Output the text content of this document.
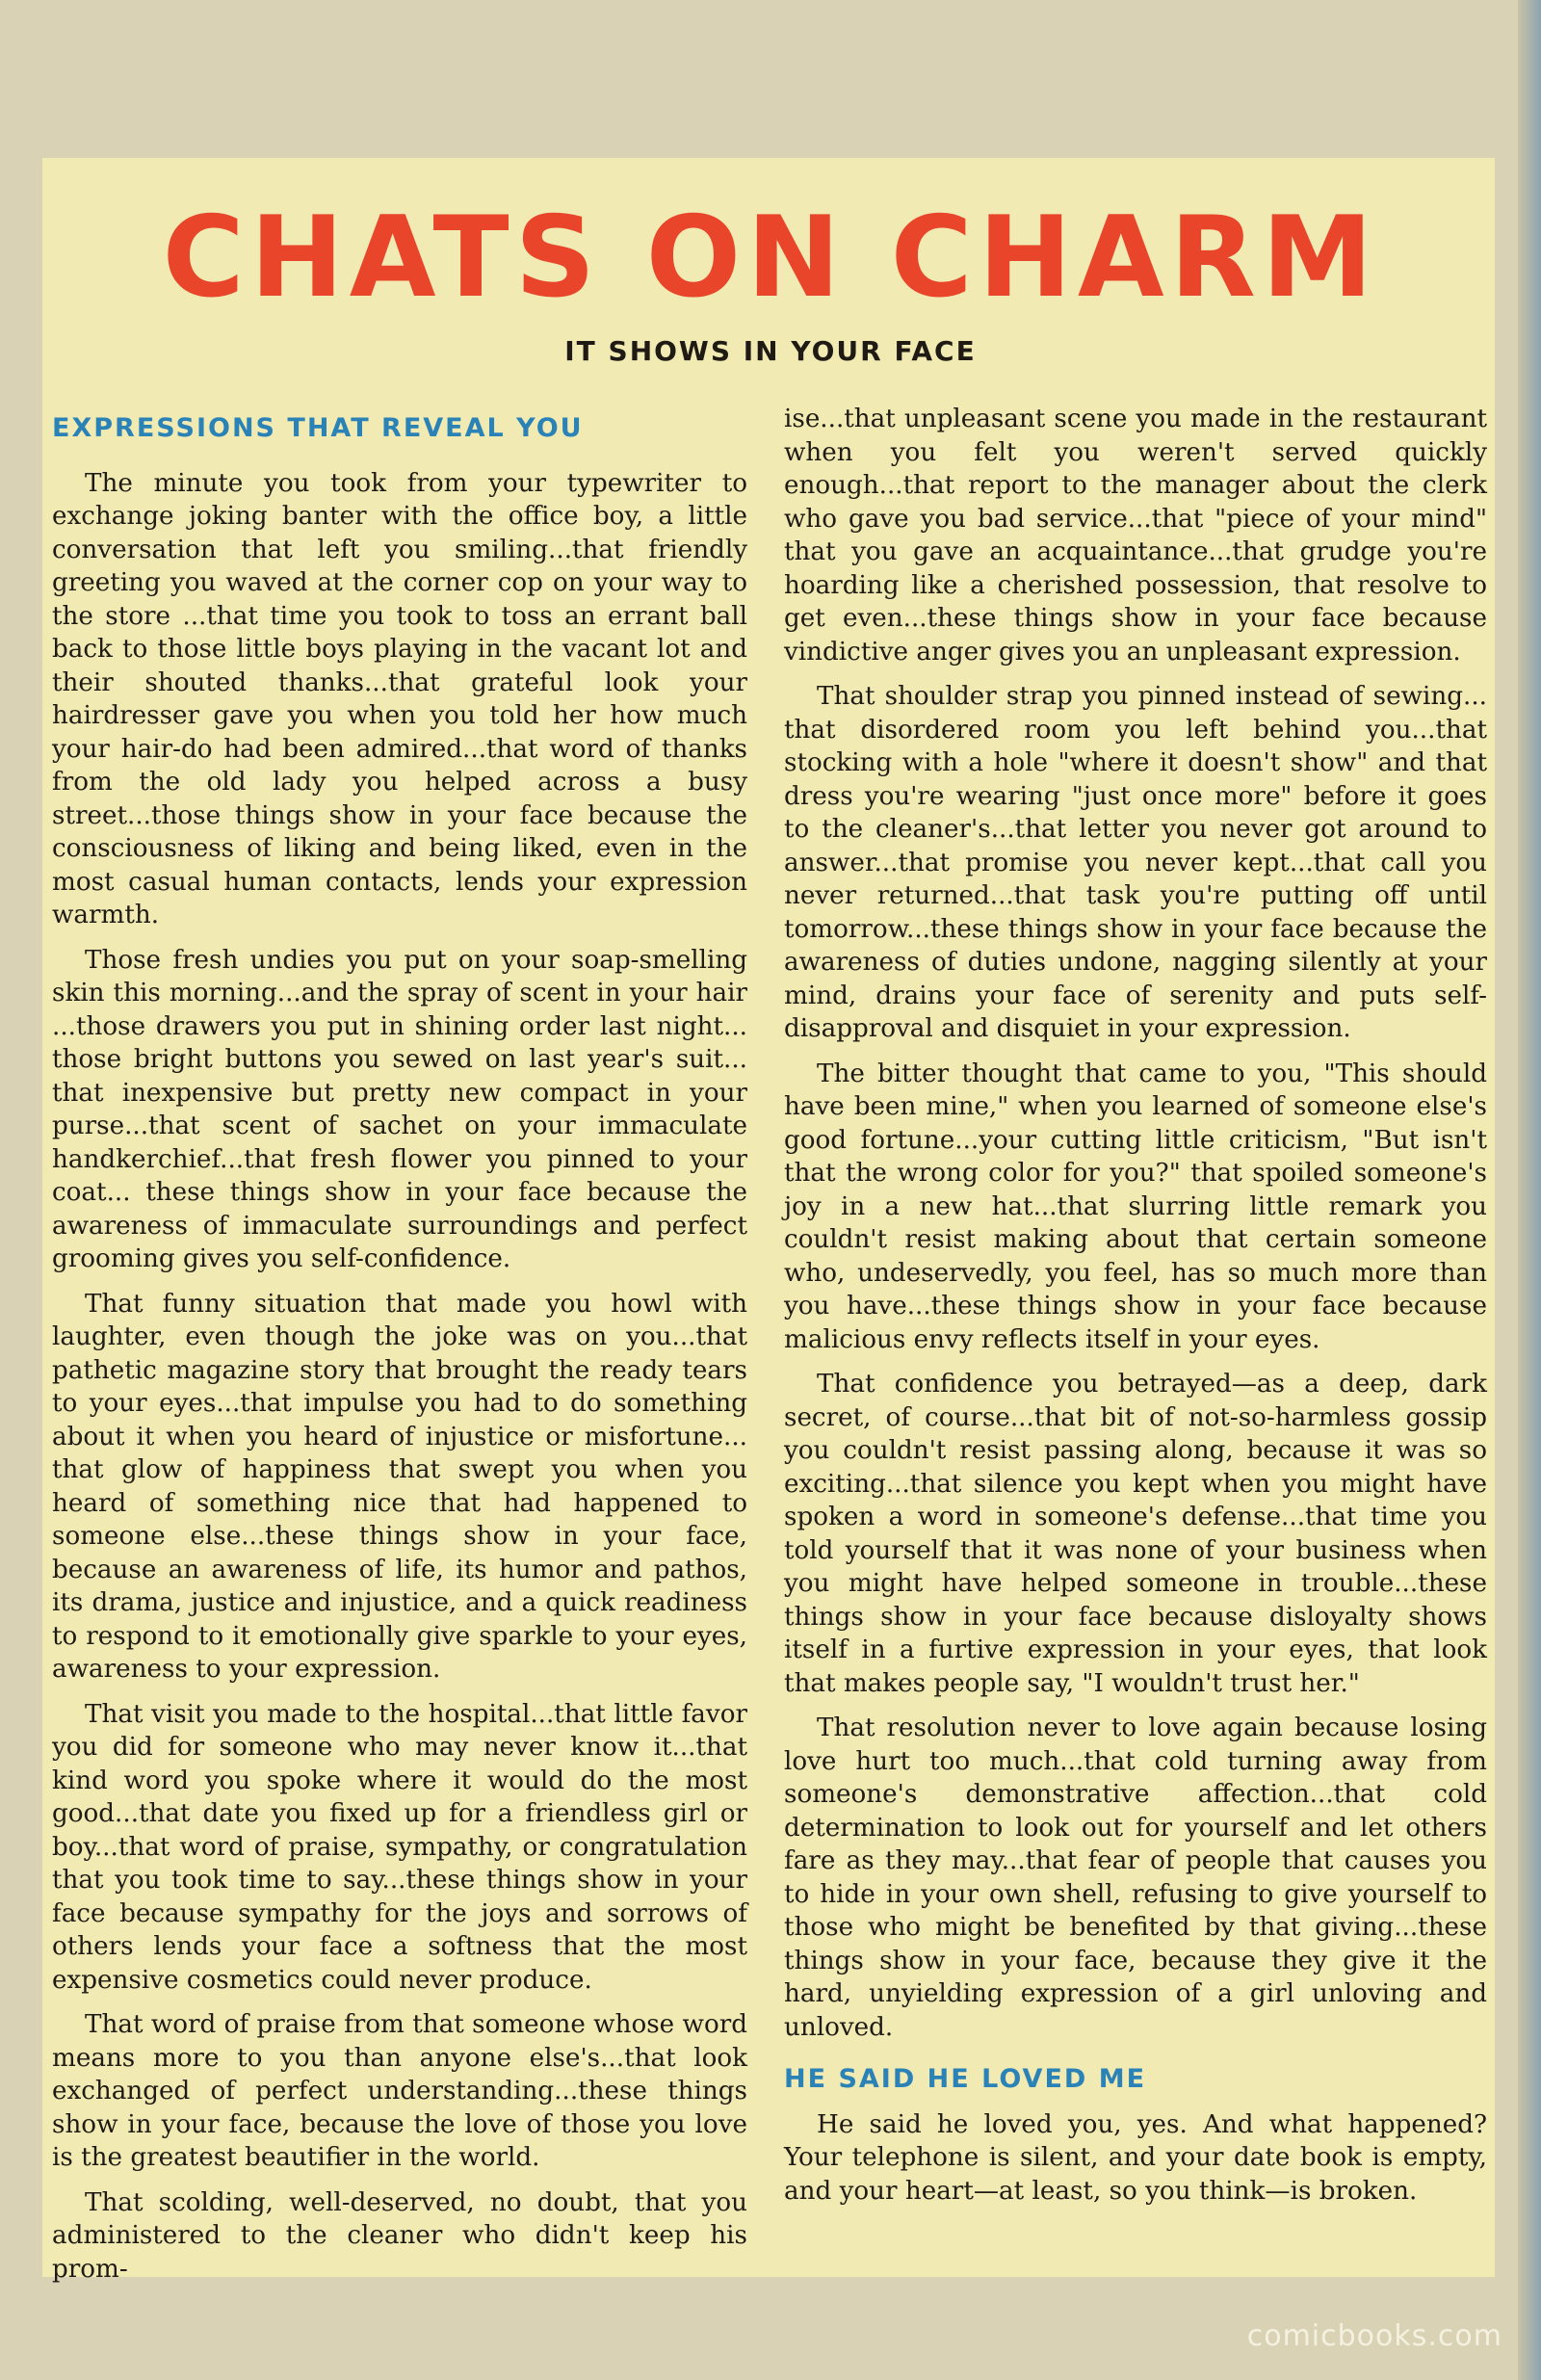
CHATS ON CHARM
IT SHOWS IN YOUR FACE
EXPRESSIONS THAT REVEAL YOU

The minute you took from your typewriter to exchange joking banter with the office boy, a little conversation that left you smiling...that friendly greeting you waved at the corner cop on your way to the store ...that time you took to toss an errant ball back to those little boys playing in the vacant lot and their shouted thanks...that grateful look your hairdresser gave you when you told her how much your hair-do had been admired...that word of thanks from the old lady you helped across a busy street...those things show in your face because the consciousness of liking and being liked, even in the most casual human contacts, lends your expression warmth.

Those fresh undies you put on your soap-smelling skin this morning...and the spray of scent in your hair ...those drawers you put in shining order last night... those bright buttons you sewed on last year's suit... that inexpensive but pretty new compact in your purse...that scent of sachet on your immaculate handkerchief...that fresh flower you pinned to your coat... these things show in your face because the awareness of immaculate surroundings and perfect grooming gives you self-confidence.

That funny situation that made you howl with laughter, even though the joke was on you...that pathetic magazine story that brought the ready tears to your eyes...that impulse you had to do something about it when you heard of injustice or misfortune... that glow of happiness that swept you when you heard of something nice that had happened to someone else...these things show in your face, because an awareness of life, its humor and pathos, its drama, justice and injustice, and a quick readiness to respond to it emotionally give sparkle to your eyes, awareness to your expression.

That visit you made to the hospital...that little favor you did for someone who may never know it...that kind word you spoke where it would do the most good...that date you fixed up for a friendless girl or boy...that word of praise, sympathy, or congratulation that you took time to say...these things show in your face because sympathy for the joys and sorrows of others lends your face a softness that the most expensive cosmetics could never produce.

That word of praise from that someone whose word means more to you than anyone else's...that look exchanged of perfect understanding...these things show in your face, because the love of those you love is the greatest beautifier in the world.

That scolding, well-deserved, no doubt, that you administered to the cleaner who didn't keep his prom-

ise...that unpleasant scene you made in the restaurant when you felt you weren't served quickly enough...that report to the manager about the clerk who gave you bad service...that "piece of your mind" that you gave an acquaintance...that grudge you're hoarding like a cherished possession, that resolve to get even...these things show in your face because vindictive anger gives you an unpleasant expression.

That shoulder strap you pinned instead of sewing... that disordered room you left behind you...that stocking with a hole "where it doesn't show" and that dress you're wearing "just once more" before it goes to the cleaner's...that letter you never got around to answer...that promise you never kept...that call you never returned...that task you're putting off until tomorrow...these things show in your face because the awareness of duties undone, nagging silently at your mind, drains your face of serenity and puts self-disapproval and disquiet in your expression.

The bitter thought that came to you, "This should have been mine," when you learned of someone else's good fortune...your cutting little criticism, "But isn't that the wrong color for you?" that spoiled someone's joy in a new hat...that slurring little remark you couldn't resist making about that certain someone who, undeservedly, you feel, has so much more than you have...these things show in your face because malicious envy reflects itself in your eyes.

That confidence you betrayed—as a deep, dark secret, of course...that bit of not-so-harmless gossip you couldn't resist passing along, because it was so exciting...that silence you kept when you might have spoken a word in someone's defense...that time you told yourself that it was none of your business when you might have helped someone in trouble...these things show in your face because disloyalty shows itself in a furtive expression in your eyes, that look that makes people say, "I wouldn't trust her."

That resolution never to love again because losing love hurt too much...that cold turning away from someone's demonstrative affection...that cold determination to look out for yourself and let others fare as they may...that fear of people that causes you to hide in your own shell, refusing to give yourself to those who might be benefited by that giving...these things show in your face, because they give it the hard, unyielding expression of a girl unloving and unloved.

HE SAID HE LOVED ME

He said he loved you, yes. And what happened? Your telephone is silent, and your date book is empty, and your heart—at least, so you think—is broken.

comicbooks.com
